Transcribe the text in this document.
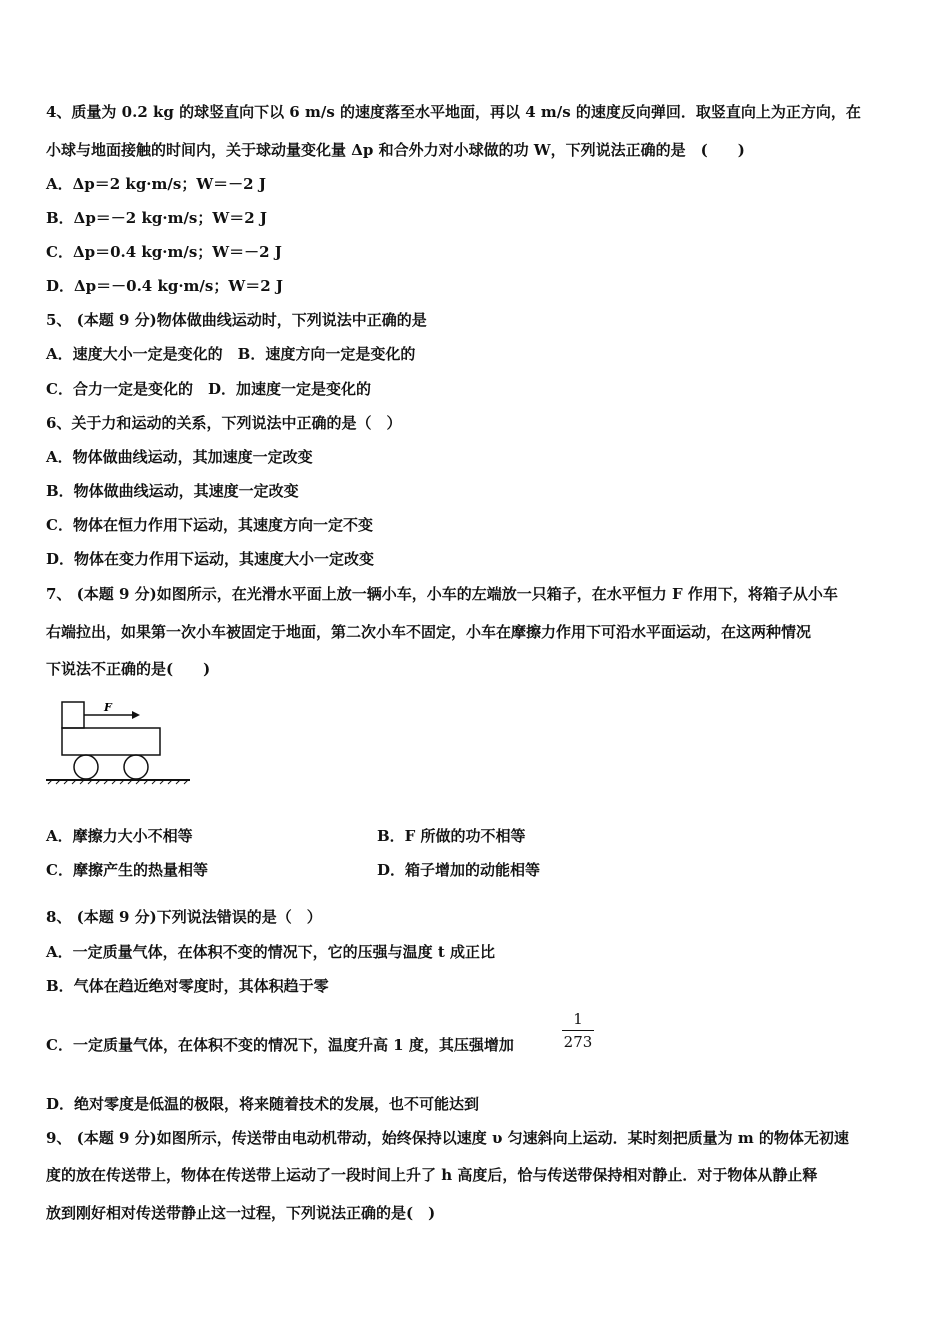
4、质量为 0.2 kg 的球竖直向下以 6 m/s 的速度落至水平地面，再以 4 m/s 的速度反向弹回．取竖直向上为正方向，在
小球与地面接触的时间内，关于球动量变化量 Δp 和合外力对小球做的功 W，下列说法正确的是　(　　)
A．Δp＝2 kg·m/s；W＝－2 J
B．Δp＝－2 kg·m/s；W＝2 J
C．Δp＝0.4 kg·m/s；W＝－2 J
D．Δp＝－0.4 kg·m/s；W＝2 J
5、 (本题 9 分)物体做曲线运动时，下列说法中正确的是
A．速度大小一定是变化的　B．速度方向一定是变化的
C．合力一定是变化的　D．加速度一定是变化的
6、关于力和运动的关系，下列说法中正确的是（　）
A．物体做曲线运动，其加速度一定改变
B．物体做曲线运动，其速度一定改变
C．物体在恒力作用下运动，其速度方向一定不变
D．物体在变力作用下运动，其速度大小一定改变
7、 (本题 9 分)如图所示，在光滑水平面上放一辆小车，小车的左端放一只箱子，在水平恒力 F 作用下，将箱子从小车
右端拉出，如果第一次小车被固定于地面，第二次小车不固定，小车在摩擦力作用下可沿水平面运动，在这两种情况
下说法不正确的是(　　)
F
A．摩擦力大小不相等	B．F 所做的功不相等
C．摩擦产生的热量相等	D．箱子增加的动能相等
8、 (本题 9 分)下列说法错误的是（　）
A．一定质量气体，在体积不变的情况下，它的压强与温度 t 成正比
B．气体在趋近绝对零度时，其体积趋于零
C．一定质量气体，在体积不变的情况下，温度升高 1 度，其压强增加
1
273
D．绝对零度是低温的极限，将来随着技术的发展，也不可能达到
9、 (本题 9 分)如图所示，传送带由电动机带动，始终保持以速度 υ 匀速斜向上运动．某时刻把质量为 m 的物体无初速
度的放在传送带上，物体在传送带上运动了一段时间上升了 h 高度后，恰与传送带保持相对静止．对于物体从静止释
放到刚好相对传送带静止这一过程，下列说法正确的是(　)
